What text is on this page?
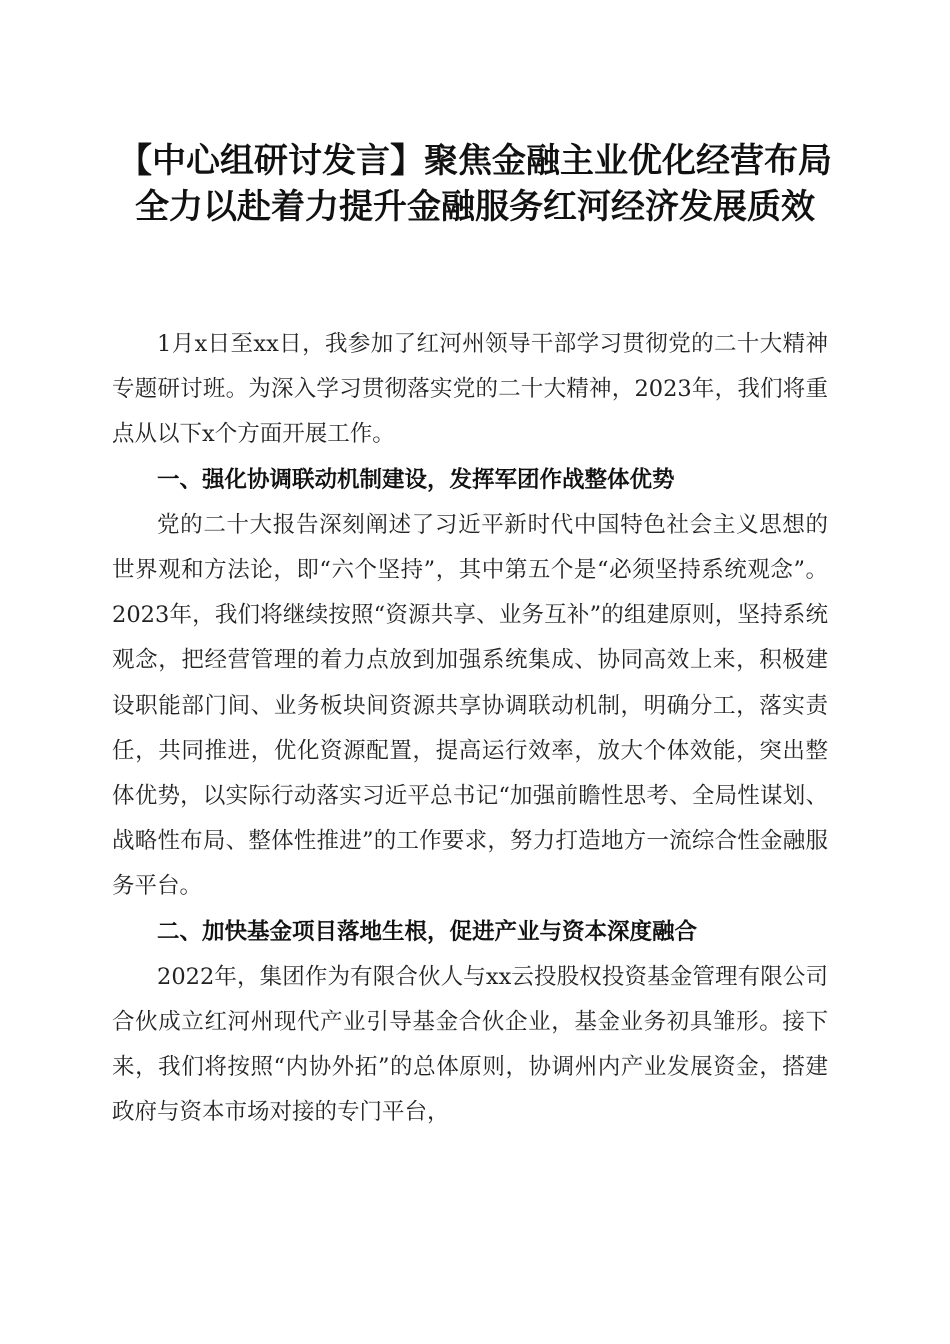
【中心组研讨发言】聚焦金融主业优化经营布局全力以赴着力提升金融服务红河经济发展质效

1月x日至xx日，我参加了红河州领导干部学习贯彻党的二十大精神专题研讨班。为深入学习贯彻落实党的二十大精神，2023年，我们将重点从以下x个方面开展工作。

一、强化协调联动机制建设，发挥军团作战整体优势

党的二十大报告深刻阐述了习近平新时代中国特色社会主义思想的世界观和方法论，即“六个坚持”，其中第五个是“必须坚持系统观念”。2023年，我们将继续按照“资源共享、业务互补”的组建原则，坚持系统观念，把经营管理的着力点放到加强系统集成、协同高效上来，积极建设职能部门间、业务板块间资源共享协调联动机制，明确分工，落实责任，共同推进，优化资源配置，提高运行效率，放大个体效能，突出整体优势，以实际行动落实习近平总书记“加强前瞻性思考、全局性谋划、战略性布局、整体性推进”的工作要求，努力打造地方一流综合性金融服务平台。

二、加快基金项目落地生根，促进产业与资本深度融合

2022年，集团作为有限合伙人与xx云投股权投资基金管理有限公司合伙成立红河州现代产业引导基金合伙企业，基金业务初具雏形。接下来，我们将按照“内协外拓”的总体原则，协调州内产业发展资金，搭建政府与资本市场对接的专门平台，
